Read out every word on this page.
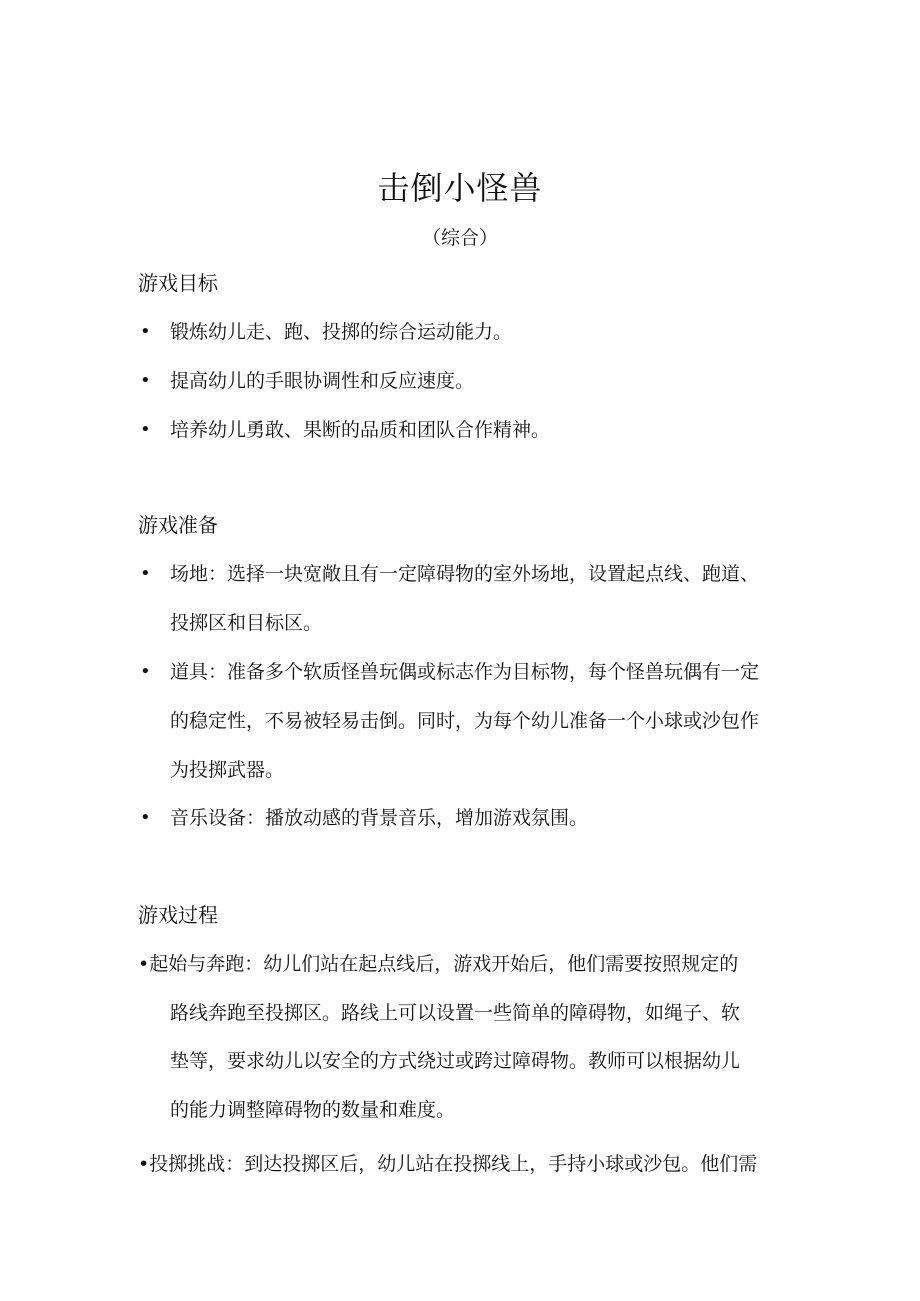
击倒小怪兽
（综合）
游戏目标
• 锻炼幼儿走、跑、投掷的综合运动能力。
• 提高幼儿的手眼协调性和反应速度。
• 培养幼儿勇敢、果断的品质和团队合作精神。
游戏准备
• 场地：选择一块宽敞且有一定障碍物的室外场地，设置起点线、跑道、
投掷区和目标区。
• 道具：准备多个软质怪兽玩偶或标志作为目标物，每个怪兽玩偶有一定
的稳定性，不易被轻易击倒。同时，为每个幼儿准备一个小球或沙包作
为投掷武器。
• 音乐设备：播放动感的背景音乐，增加游戏氛围。
游戏过程
•起始与奔跑：幼儿们站在起点线后，游戏开始后，他们需要按照规定的
路线奔跑至投掷区。路线上可以设置一些简单的障碍物，如绳子、软
垫等，要求幼儿以安全的方式绕过或跨过障碍物。教师可以根据幼儿
的能力调整障碍物的数量和难度。
•投掷挑战：到达投掷区后，幼儿站在投掷线上，手持小球或沙包。他们需
